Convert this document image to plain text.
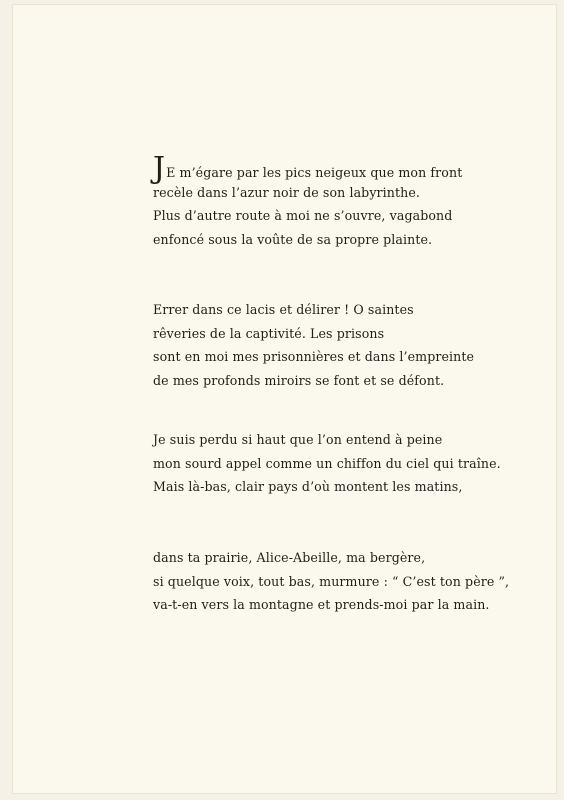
JE m’égare par les pics neigeux que mon front
recèle dans l’azur noir de son labyrinthe.
Plus d’autre route à moi ne s’ouvre, vagabond
enfoncé sous la voûte de sa propre plainte.
Errer dans ce lacis et délirer ! O saintes
rêveries de la captivité. Les prisons
sont en moi mes prisonnières et dans l’empreinte
de mes profonds miroirs se font et se défont.
Je suis perdu si haut que l’on entend à peine
mon sourd appel comme un chiffon du ciel qui traîne.
Mais là-bas, clair pays d’où montent les matins,
dans ta prairie, Alice-Abeille, ma bergère,
si quelque voix, tout bas, murmure : “ C’est ton père ”,
va-t-en vers la montagne et prends-moi par la main.
